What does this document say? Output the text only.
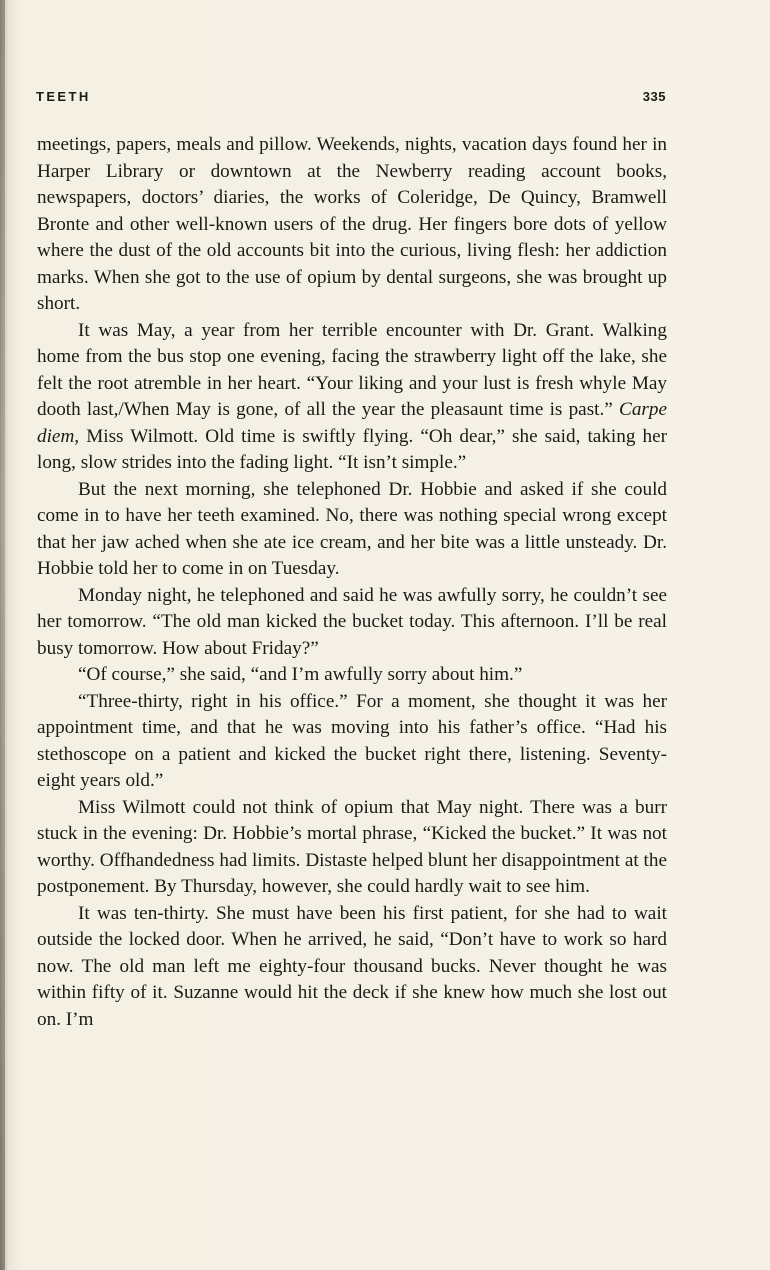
TEETH	335

meetings, papers, meals and pillow. Weekends, nights, vacation days found her in Harper Library or downtown at the Newberry reading account books, newspapers, doctors’ diaries, the works of Coleridge, De Quincy, Bramwell Bronte and other well-known users of the drug. Her fingers bore dots of yellow where the dust of the old accounts bit into the curious, living flesh: her addiction marks. When she got to the use of opium by dental surgeons, she was brought up short.

It was May, a year from her terrible encounter with Dr. Grant. Walking home from the bus stop one evening, facing the strawberry light off the lake, she felt the root atremble in her heart. “Your liking and your lust is fresh whyle May dooth last,/When May is gone, of all the year the pleasaunt time is past.” Carpe diem, Miss Wilmott. Old time is swiftly flying. “Oh dear,” she said, taking her long, slow strides into the fading light. “It isn’t simple.”

But the next morning, she telephoned Dr. Hobbie and asked if she could come in to have her teeth examined. No, there was nothing special wrong except that her jaw ached when she ate ice cream, and her bite was a little unsteady. Dr. Hobbie told her to come in on Tuesday.

Monday night, he telephoned and said he was awfully sorry, he couldn’t see her tomorrow. “The old man kicked the bucket today. This afternoon. I’ll be real busy tomorrow. How about Friday?”

“Of course,” she said, “and I’m awfully sorry about him.”

“Three-thirty, right in his office.” For a moment, she thought it was her appointment time, and that he was moving into his father’s office. “Had his stethoscope on a patient and kicked the bucket right there, listening. Seventy-eight years old.”

Miss Wilmott could not think of opium that May night. There was a burr stuck in the evening: Dr. Hobbie’s mortal phrase, “Kicked the bucket.” It was not worthy. Offhandedness had limits. Distaste helped blunt her disappointment at the postponement. By Thursday, however, she could hardly wait to see him.

It was ten-thirty. She must have been his first patient, for she had to wait outside the locked door. When he arrived, he said, “Don’t have to work so hard now. The old man left me eighty-four thousand bucks. Never thought he was within fifty of it. Suzanne would hit the deck if she knew how much she lost out on. I’m
